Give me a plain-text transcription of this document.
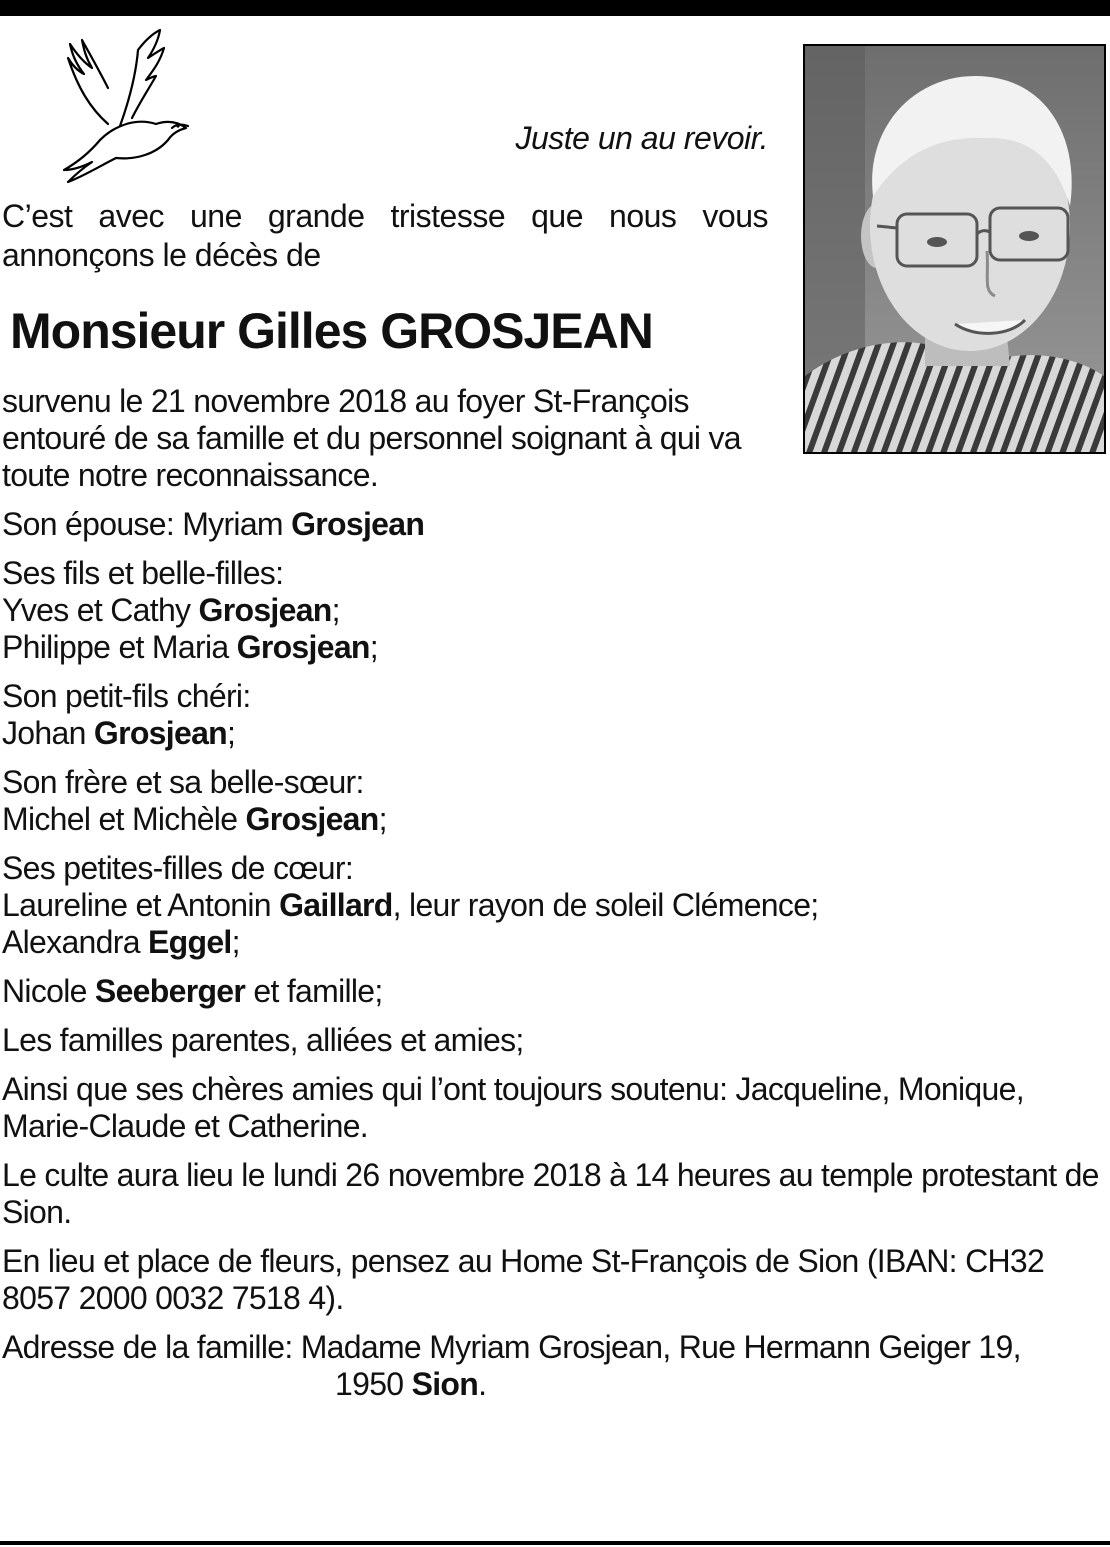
Juste un au revoir.
C’est avec une grande tristesse que nous vous annonçons le décès de
Monsieur Gilles GROSJEAN

survenu le 21 novembre 2018 au foyer St-François entouré de sa famille et du personnel soignant à qui va toute notre reconnaissance.

Son épouse: Myriam Grosjean

Ses fils et belle-filles:

Yves et Cathy Grosjean;

Philippe et Maria Grosjean;

Son petit-fils chéri:

Johan Grosjean;

Son frère et sa belle-sœur:

Michel et Michèle Grosjean;

Ses petites-filles de cœur:

Laureline et Antonin Gaillard, leur rayon de soleil Clémence;

Alexandra Eggel;

Nicole Seeberger et famille;

Les familles parentes, alliées et amies;

Ainsi que ses chères amies qui l’ont toujours soutenu: Jacqueline, Monique, Marie-Claude et Catherine.

Le culte aura lieu le lundi 26 novembre 2018 à 14 heures au temple protestant de Sion.

En lieu et place de fleurs, pensez au Home St-François de Sion (IBAN: CH32 8057 2000 0032 7518 4).

Adresse de la famille: Madame Myriam Grosjean, Rue Hermann Geiger 19,

1950 Sion.
